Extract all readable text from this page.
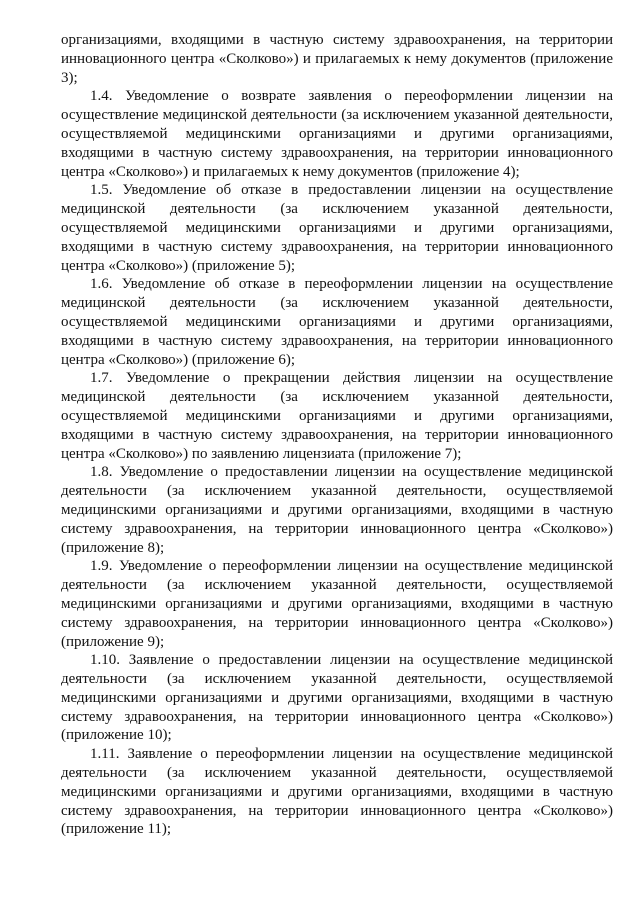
организациями, входящими в частную систему здравоохранения, на территории инновационного центра «Сколково») и прилагаемых к нему документов (приложение 3);

1.4. Уведомление о возврате заявления о переоформлении лицензии на осуществление медицинской деятельности (за исключением указанной деятельности, осуществляемой медицинскими организациями и другими организациями, входящими в частную систему здравоохранения, на территории инновационного центра «Сколково») и прилагаемых к нему документов (приложение 4);

1.5. Уведомление об отказе в предоставлении лицензии на осуществление медицинской деятельности (за исключением указанной деятельности, осуществляемой медицинскими организациями и другими организациями, входящими в частную систему здравоохранения, на территории инновационного центра «Сколково») (приложение 5);

1.6. Уведомление об отказе в переоформлении лицензии на осуществление медицинской деятельности (за исключением указанной деятельности, осуществляемой медицинскими организациями и другими организациями, входящими в частную систему здравоохранения, на территории инновационного центра «Сколково») (приложение 6);

1.7. Уведомление о прекращении действия лицензии на осуществление медицинской деятельности (за исключением указанной деятельности, осуществляемой медицинскими организациями и другими организациями, входящими в частную систему здравоохранения, на территории инновационного центра «Сколково») по заявлению лицензиата (приложение 7);

1.8. Уведомление о предоставлении лицензии на осуществление медицинской деятельности (за исключением указанной деятельности, осуществляемой медицинскими организациями и другими организациями, входящими в частную систему здравоохранения, на территории инновационного центра «Сколково») (приложение 8);

1.9. Уведомление о переоформлении лицензии на осуществление медицинской деятельности (за исключением указанной деятельности, осуществляемой медицинскими организациями и другими организациями, входящими в частную систему здравоохранения, на территории инновационного центра «Сколково») (приложение 9);

1.10. Заявление о предоставлении лицензии на осуществление медицинской деятельности (за исключением указанной деятельности, осуществляемой медицинскими организациями и другими организациями, входящими в частную систему здравоохранения, на территории инновационного центра «Сколково») (приложение 10);

1.11. Заявление о переоформлении лицензии на осуществление медицинской деятельности (за исключением указанной деятельности, осуществляемой медицинскими организациями и другими организациями, входящими в частную систему здравоохранения, на территории инновационного центра «Сколково») (приложение 11);
